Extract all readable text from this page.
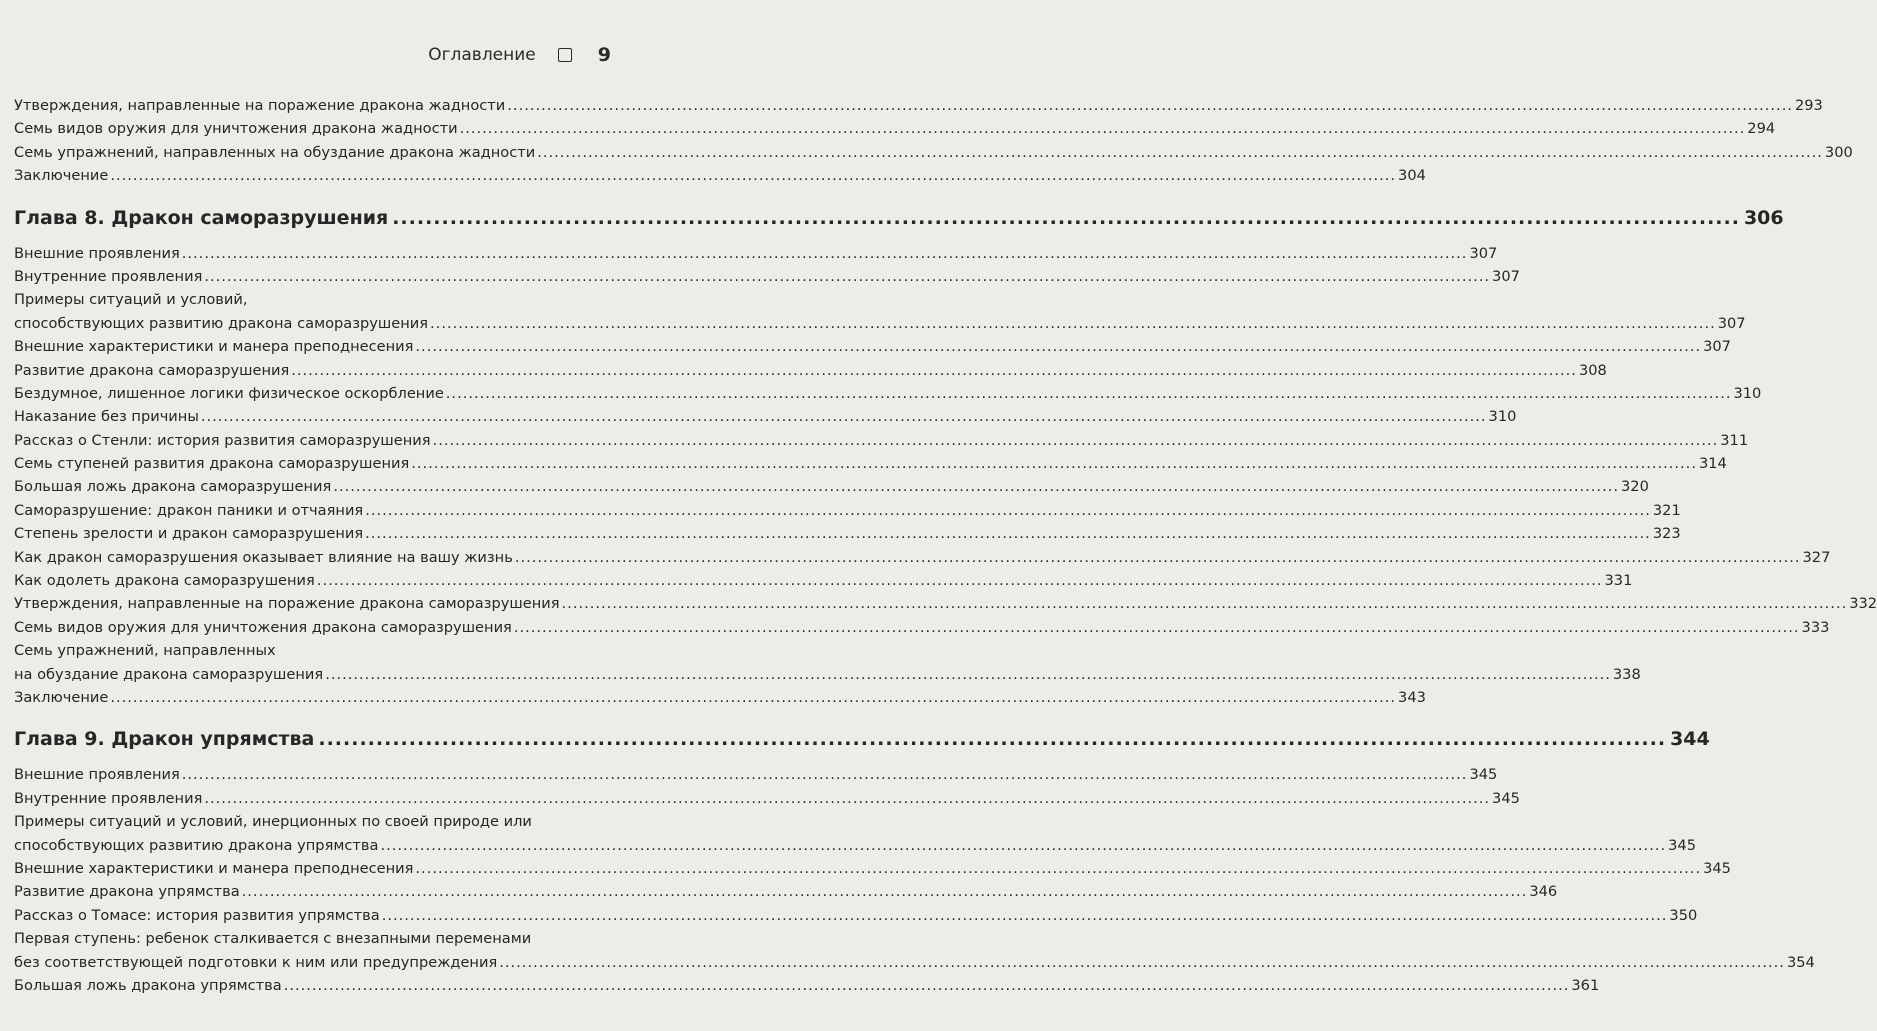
Оглавление	9
Утверждения, направленные на поражение дракона жадности .....	293
Семь видов оружия для уничтожения дракона жадности .....	294
Семь упражнений, направленных на обуздание дракона жадности .....	300
Заключение .....	304
Глава 8. Дракон саморазрушения .....	306
Внешние проявления .....	307
Внутренние проявления .....	307
Примеры ситуаций и условий,
способствующих развитию дракона саморазрушения .....	307
Внешние характеристики и манера преподнесения .....	307
Развитие дракона саморазрушения .....	308
Бездумное, лишенное логики физическое оскорбление .....	310
Наказание без причины .....	310
Рассказ о Стенли: история развития саморазрушения .....	311
Семь ступеней развития дракона саморазрушения .....	314
Большая ложь дракона саморазрушения .....	320
Саморазрушение: дракон паники и отчаяния .....	321
Степень зрелости и дракон саморазрушения .....	323
Как дракон саморазрушения оказывает влияние на вашу жизнь .....	327
Как одолеть дракона саморазрушения .....	331
Утверждения, направленные на поражение дракона саморазрушения .....	332
Семь видов оружия для уничтожения дракона саморазрушения .....	333
Семь упражнений, направленных
на обуздание дракона саморазрушения .....	338
Заключение .....	343
Глава 9. Дракон упрямства .....	344
Внешние проявления .....	345
Внутренние проявления .....	345
Примеры ситуаций и условий, инерционных по своей природе или
способствующих развитию дракона упрямства .....	345
Внешние характеристики и манера преподнесения .....	345
Развитие дракона упрямства .....	346
Рассказ о Томасе: история развития упрямства .....	350
Первая ступень: ребенок сталкивается с внезапными переменами
без соответствующей подготовки к ним или предупреждения .....	354
Большая ложь дракона упрямства .....	361
